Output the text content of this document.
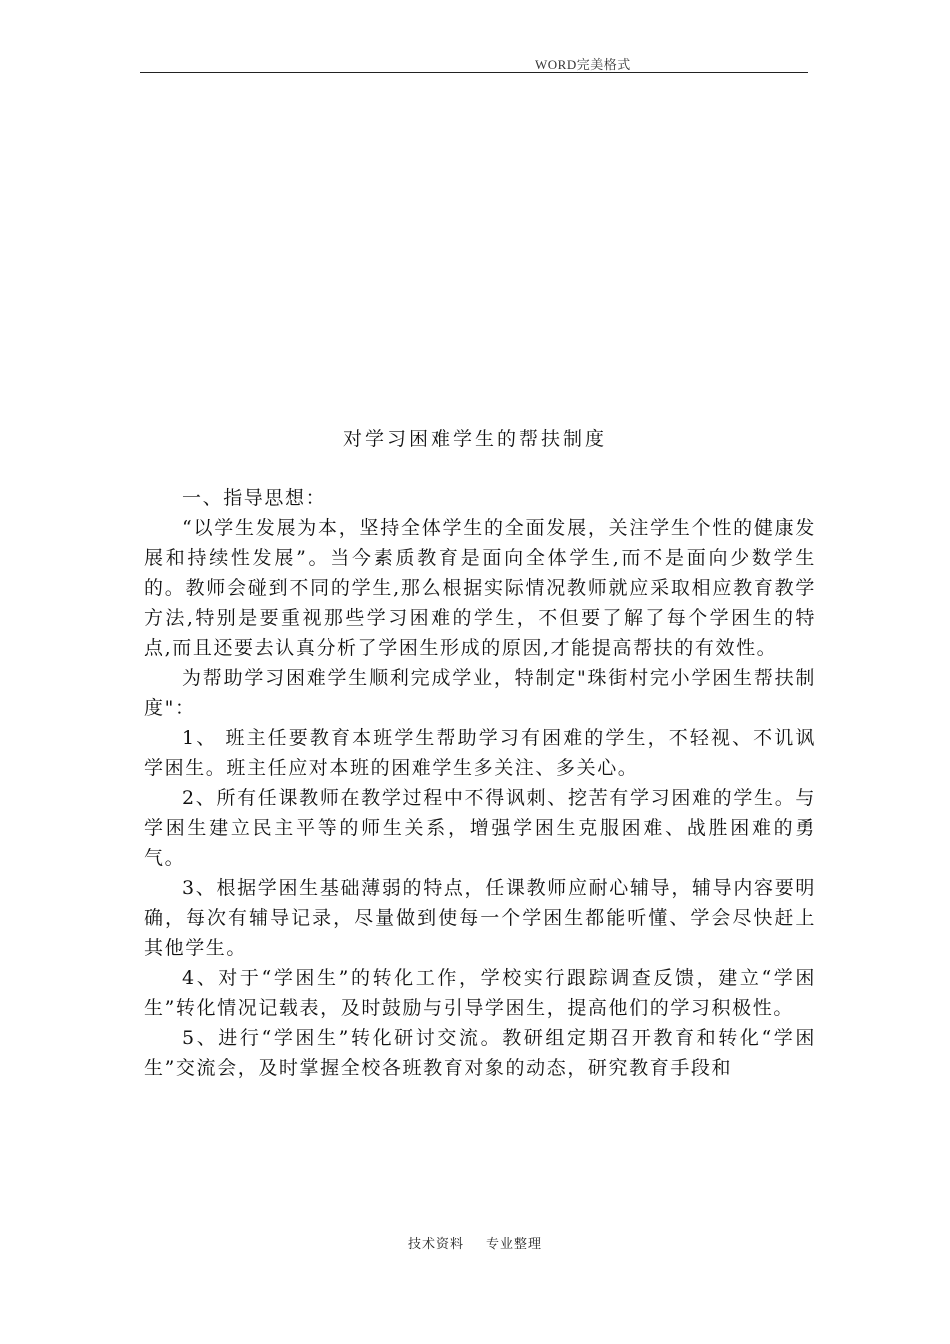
WORD完美格式
对学习困难学生的帮扶制度

一、指导思想：

“以学生发展为本，坚持全体学生的全面发展，关注学生个性的健康发展和持续性发展”。当今素质教育是面向全体学生,而不是面向少数学生的。教师会碰到不同的学生,那么根据实际情况教师就应采取相应教育教学方法,特别是要重视那些学习困难的学生，不但要了解了每个学困生的特点,而且还要去认真分析了学困生形成的原因,才能提高帮扶的有效性。

为帮助学习困难学生顺利完成学业，特制定"珠街村完小学困生帮扶制度"：

1、 班主任要教育本班学生帮助学习有困难的学生，不轻视、不讥讽学困生。班主任应对本班的困难学生多关注、多关心。

2、所有任课教师在教学过程中不得讽刺、挖苦有学习困难的学生。与学困生建立民主平等的师生关系，增强学困生克服困难、战胜困难的勇气。

3、根据学困生基础薄弱的特点，任课教师应耐心辅导，辅导内容要明确，每次有辅导记录，尽量做到使每一个学困生都能听懂、学会尽快赶上其他学生。

4、对于“学困生”的转化工作，学校实行跟踪调查反馈，建立“学困生”转化情况记载表，及时鼓励与引导学困生，提高他们的学习积极性。

5、进行“学困生”转化研讨交流。教研组定期召开教育和转化“学困生”交流会，及时掌握全校各班教育对象的动态，研究教育手段和

技术资料 专业整理
